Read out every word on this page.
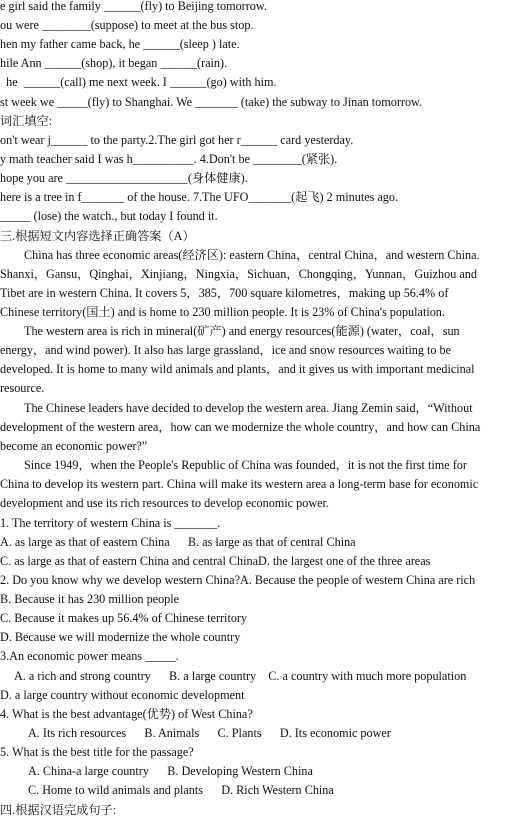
e girl said the family ______(fly) to Beijing tomorrow.
ou were ________(suppose) to meet at the bus stop.
hen my father came back, he ______(sleep ) late.
hile Ann ______(shop), it began ______(rain).
he  ______(call) me next week. I ______(go) with him.
st week we _____(fly) to Shanghai. We _______ (take) the subway to Jinan tomorrow.
词汇填空:
on't wear j______ to the party.2.The girl got her r______ card yesterday.
y math teacher said I was h__________. 4.Don't be ________(紧张).
hope you are ____________________(身体健康).
here is a tree in f_______ of the house. 7.The UFO_______(起飞) 2 minutes ago.
_____ (lose) the watch., but today I found it.
三.根据短文内容选择正确答案（A）
China has three economic areas(经济区): eastern China，central China，and western China.
Shanxi，Gansu，Qinghai，Xinjiang，Ningxia，Sichuan，Chongqing，Yunnan，Guizhou and
Tibet are in western China. It covers 5，385，700 square kilometres，making up 56.4% of
Chinese territory(国土) and is home to 230 million people. It is 23% of China's population.
The western area is rich in mineral(矿产) and energy resources(能源) (water，coal，sun
energy，and wind power). It also has large grassland，ice and snow resources waiting to be
developed. It is home to many wild animals and plants，and it gives us with important medicinal
resource.
The Chinese leaders have decided to develop the western area. Jiang Zemin said，“Without
development of the western area，how can we modernize the whole country，and how can China
become an economic power?”
Since 1949，when the People's Republic of China was founded，it is not the first time for
China to develop its western part. China will make its western area a long-term base for economic
development and use its rich resources to develop economic power.
1. The territory of western China is _______.
A. as large as that of eastern China      B. as large as that of central China
C. as large as that of eastern China and central ChinaD. the largest one of the three areas
2. Do you know why we develop western China?A. Because the people of western China are rich
B. Because it has 230 million people
C. Because it makes up 56.4% of Chinese territory
D. Because we will modernize the whole country
3.An economic power means _____.
A. a rich and strong country      B. a large country    C. a country with much more population
D. a large country without economic development
4. What is the best advantage(优势) of West China?
A. Its rich resources      B. Animals      C. Plants      D. Its economic power
5. What is the best title for the passage?
A. China-a large country      B. Developing Western China
C. Home to wild animals and plants      D. Rich Western China
四.根据汉语完成句子:
